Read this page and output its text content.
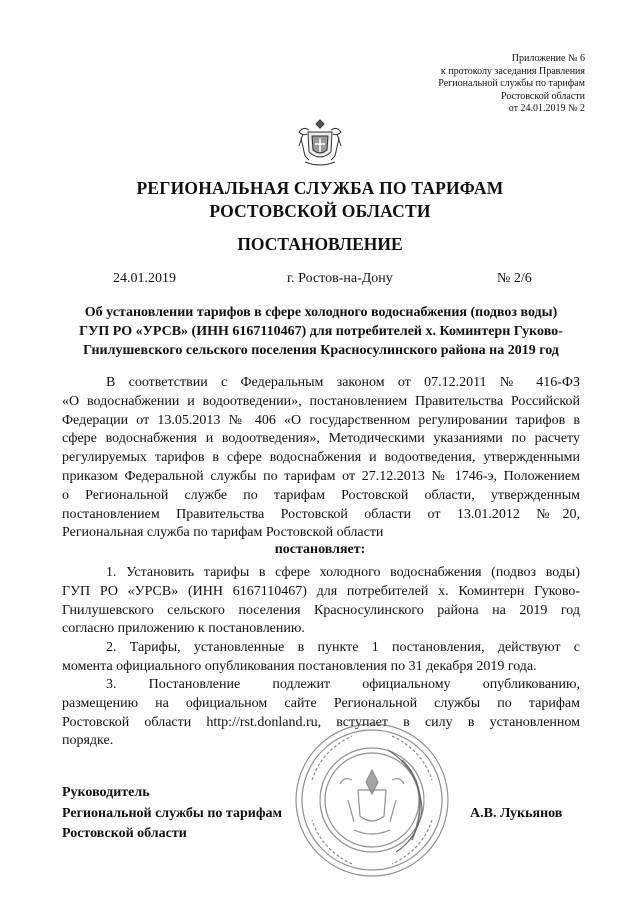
Приложение № 6
к протоколу заседания Правления
Региональной службы по тарифам
Ростовской области
от 24.01.2019 № 2
РЕГИОНАЛЬНАЯ СЛУЖБА ПО ТАРИФАМ
РОСТОВСКОЙ ОБЛАСТИ
ПОСТАНОВЛЕНИЕ
24.01.2019	г. Ростов-на-Дону	№ 2/6
Об установлении тарифов в сфере холодного водоснабжения (подвоз воды)
ГУП РО «УРСВ» (ИНН 6167110467) для потребителей х. Коминтерн Гуково-
Гнилушевского сельского поселения Красносулинского района на 2019 год
В соответствии с Федеральным законом от 07.12.2011 № 416-ФЗ
«О водоснабжении и водоотведении», постановлением Правительства Российской
Федерации от 13.05.2013 № 406 «О государственном регулировании тарифов в
сфере водоснабжения и водоотведения», Методическими указаниями по расчету
регулируемых тарифов в сфере водоснабжения и водоотведения, утвержденными
приказом Федеральной службы по тарифам от 27.12.2013 № 1746-э, Положением
о Региональной службе по тарифам Ростовской области, утвержденным
постановлением Правительства Ростовской области от 13.01.2012 №20,
Региональная служба по тарифам Ростовской области
постановляет:
1. Установить тарифы в сфере холодного водоснабжения (подвоз воды)
ГУП РО «УРСВ» (ИНН 6167110467) для потребителей х. Коминтерн Гуково-
Гнилушевского сельского поселения Красносулинского района на 2019 год
согласно приложению к постановлению.
2. Тарифы, установленные в пункте 1 постановления, действуют с
момента официального опубликования постановления по 31 декабря 2019 года.
3. Постановление подлежит официальному опубликованию,
размещению на официальном сайте Региональной службы по тарифам
Ростовской области http://rst.donland.ru, вступает в силу в установленном
порядке.
Руководитель
Региональной службы по тарифам
Ростовской области
А.В. Лукьянов
